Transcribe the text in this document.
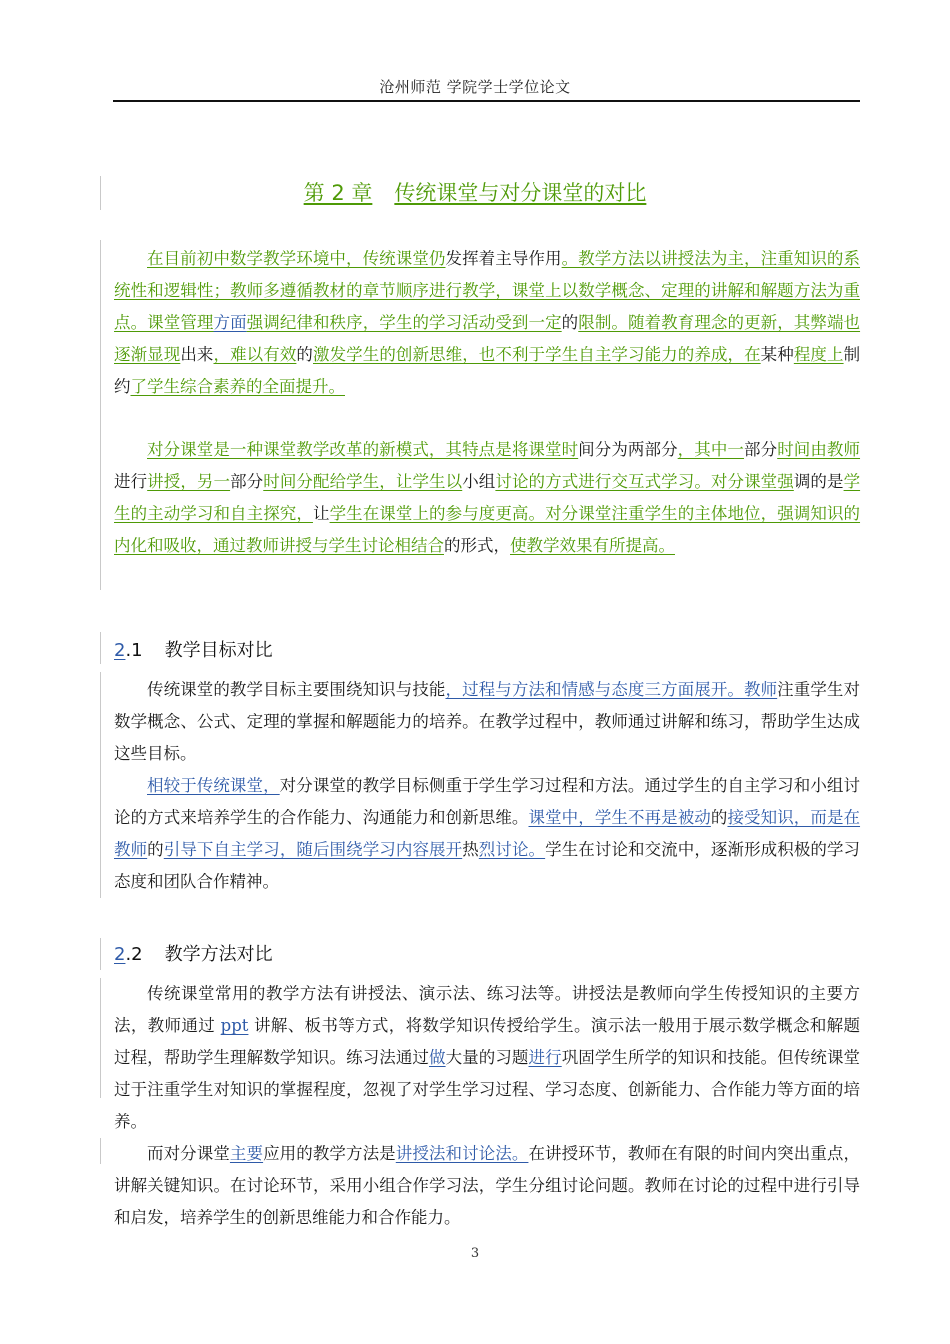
沧州师范 学院学士学位论文
第 2 章 传统课堂与对分课堂的对比

在目前初中数学教学环境中，传统课堂仍发挥着主导作用。教学方法以讲授法为主，注重知识的系统性和逻辑性；教师多遵循教材的章节顺序进行教学，课堂上以数学概念、定理的讲解和解题方法为重点。课堂管理方面强调纪律和秩序，学生的学习活动受到一定的限制。随着教育理念的更新，其弊端也逐渐显现出来，难以有效的激发学生的创新思维，也不利于学生自主学习能力的养成，在某种程度上制约了学生综合素养的全面提升。

对分课堂是一种课堂教学改革的新模式，其特点是将课堂时间分为两部分，其中一部分时间由教师进行讲授，另一部分时间分配给学生，让学生以小组讨论的方式进行交互式学习。对分课堂强调的是学生的主动学习和自主探究，让学生在课堂上的参与度更高。对分课堂注重学生的主体地位，强调知识的内化和吸收，通过教师讲授与学生讨论相结合的形式，使教学效果有所提高。

2.1 教学目标对比

传统课堂的教学目标主要围绕知识与技能，过程与方法和情感与态度三方面展开。教师注重学生对数学概念、公式、定理的掌握和解题能力的培养。在教学过程中，教师通过讲解和练习，帮助学生达成这些目标。

相较于传统课堂，对分课堂的教学目标侧重于学生学习过程和方法。通过学生的自主学习和小组讨论的方式来培养学生的合作能力、沟通能力和创新思维。课堂中，学生不再是被动的接受知识，而是在教师的引导下自主学习，随后围绕学习内容展开热烈讨论。学生在讨论和交流中，逐渐形成积极的学习态度和团队合作精神。

2.2 教学方法对比

传统课堂常用的教学方法有讲授法、演示法、练习法等。讲授法是教师向学生传授知识的主要方法，教师通过 ppt 讲解、板书等方式，将数学知识传授给学生。演示法一般用于展示数学概念和解题过程，帮助学生理解数学知识。练习法通过做大量的习题进行巩固学生所学的知识和技能。但传统课堂过于注重学生对知识的掌握程度，忽视了对学生学习过程、学习态度、创新能力、合作能力等方面的培养。

而对分课堂主要应用的教学方法是讲授法和讨论法。在讲授环节，教师在有限的时间内突出重点，讲解关键知识。在讨论环节，采用小组合作学习法，学生分组讨论问题。教师在讨论的过程中进行引导和启发，培养学生的创新思维能力和合作能力。

3
